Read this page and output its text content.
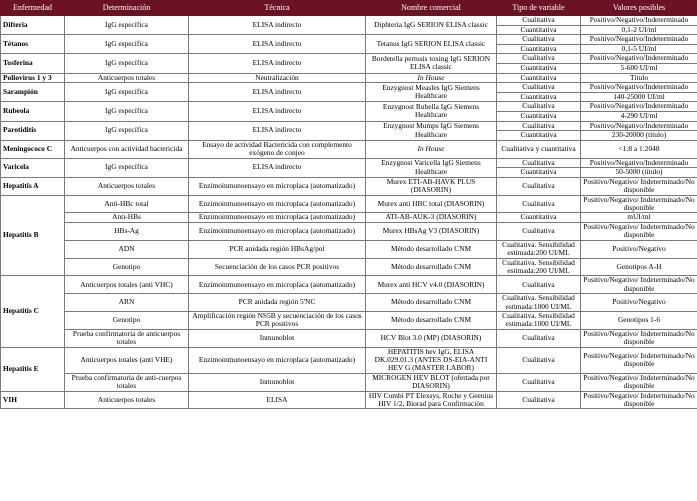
Enfermedad	Determinación	Técnica	Nombre comercial	Tipo de variable	Valores posibles
Difteria	IgG específica	ELISA indirecto	Diphteria IgG SERION ELISA classic	Cualitativa	Positivo/Negativo/Indeterminado
				Cuantitativa	0,1-2 UI/ml
Tétanos	IgG específica	ELISA indirecto	Tetanus IgG SERION ELISA classic	Cualitativa	Positivo/Negativo/Indeterminado
				Cuantitativa	0,1-5 UI/ml
Tosferina	IgG específica	ELISA indirecto	Bordetella pertusis toxing IgG SERION ELISA classic	Cualitativa	Positivo/Negativo/Indeterminado
				Cuantitativa	5-600 UI/ml
Poliovirus 1 y 3	Anticuerpos totales	Neutralización	In House	Cuantitativa	Título
Sarampión	IgG específica	ELISA indirecto	Enzygnost Measles IgG Siemens Healthcare	Cualitativa	Positivo/Negativo/Indeterminado
				Cuantitativa	140-25000 UI/ml
Rubeola	IgG específica	ELISA indirecto	Enzygnost Rubella IgG Siemens Healthcare	Cualitativa	Positivo/Negativo/Indeterminado
				Cuantitativa	4-290 UI/ml
Parotiditis	IgG específica	ELISA indirecto	Enzygnost Mumps IgG Siemens Healthcare	Cualitativa	Positivo/Negativo/Indeterminado
				Cuantitativa	230-20000 (título)
Meningococo C	Anticuerpos con actividad bactericida	Ensayo de actividad Bactericida con complemento exógeno de conjeo	In House	Cualitativa y cuantitativa	<1:8 a 1:2048
Varicela	IgG específica	ELISA indirecto	Enzygnost Varicella IgG Siemens Healthcare	Cualitativa	Positivo/Negativo/Indeterminado
				Cuantitativa	50-5000 (título)
Hepatitis A	Anticuerpos totales	Enzimoinmunoensayo en microplaca (automatizado)	Murex ETI-AB-HAVK PLUS (DIASORIN)	Cualitativa	Positivo/Negativo/ Indeterminado/No disponible
Hepatitis B	Anti-HBc total	Enzimoinmunoensayo en microplaca (automatizado)	Murex anti HBC total (DIASORIN)	Cualitativa	Positivo/Negativo/ Indeterminado/No disponible
	Anti-HBs	Enzimoinmunoensayo en microplaca (automatizado)	ATI-AB-AUK-3 (DIASORIN)	Cuantitativa	mUI/ml
	HBs-Ag	Enzimoinmunoensayo en microplaca (automatizado)	Murex HBsAg V3 (DIASORIN)	Cualitativa	Positivo/Negativo/ Indeterminado/No disponible
	ADN	PCR anidada región HBsAg/pol	Método desarrollado CNM	Cualitativa. Sensibilidad estimada:200 UI/ML	Positivo/Negativo
	Genotipo	Secuenciación de los casos PCR positivos	Método desarrollado CNM	Cualitativa. Sensibilidad estimada:200 UI/ML	Genotipos A-H
Hepatitis C	Anticuerpos totales (anti VHC)	Enzimoinmunoensayo en microplaca (automatizado)	Murex anti HCV v4.0 (DIASORIN)	Cualitativa	Positivo/Negativo/ Indeterminado/No disponible
	ARN	PCR anidada región 5'NC	Método desarrollado CNM	Cualitativa. Sensibilidad estimada:1000 UI/ML	Positivo/Negativo
	Genotipo	Amplificación región NS5B y secuenciación de los casos PCR positivos	Método desarrollado CNM	Cualitativa. Sensibilidad estimada:1000 UI/ML	Genotipos 1-6
	Prueba confirmatoria de anticuerpos totales	Inmunoblot	HCV Blot 3.0 (MP) (DIASORIN)	Cualitativa	Positivo/Negativo/ Indeterminado/No disponible
Hepatitis E	Anticuerpos totales (anti VHE)	Enzimoinmunoensayo en microplaca (automatizado)	HEPATITIS hev IgG, ELISA DK.029.01.3 (ANTES DS-EIA-ANTI HEV G (MASTER LABOR)	Cualitativa	Positivo/Negativo/ Indeterminado/No disponible
	Prueba confirmatoria de anti-cuerpos totales	Inmunoblot	MICROGEN HEV BLOT (ofertada por DIASORIN)	Cualitativa	Positivo/Negativo/ Indeterminado/No disponible
VIH	Anticuerpos totales	ELISA	HIV Combi PT Elexsys, Roche y Geenius HIV 1/2, Biorad para Confirmación	Cualitativa	Positivo/Negativo/ Indeterminado/No disponible
